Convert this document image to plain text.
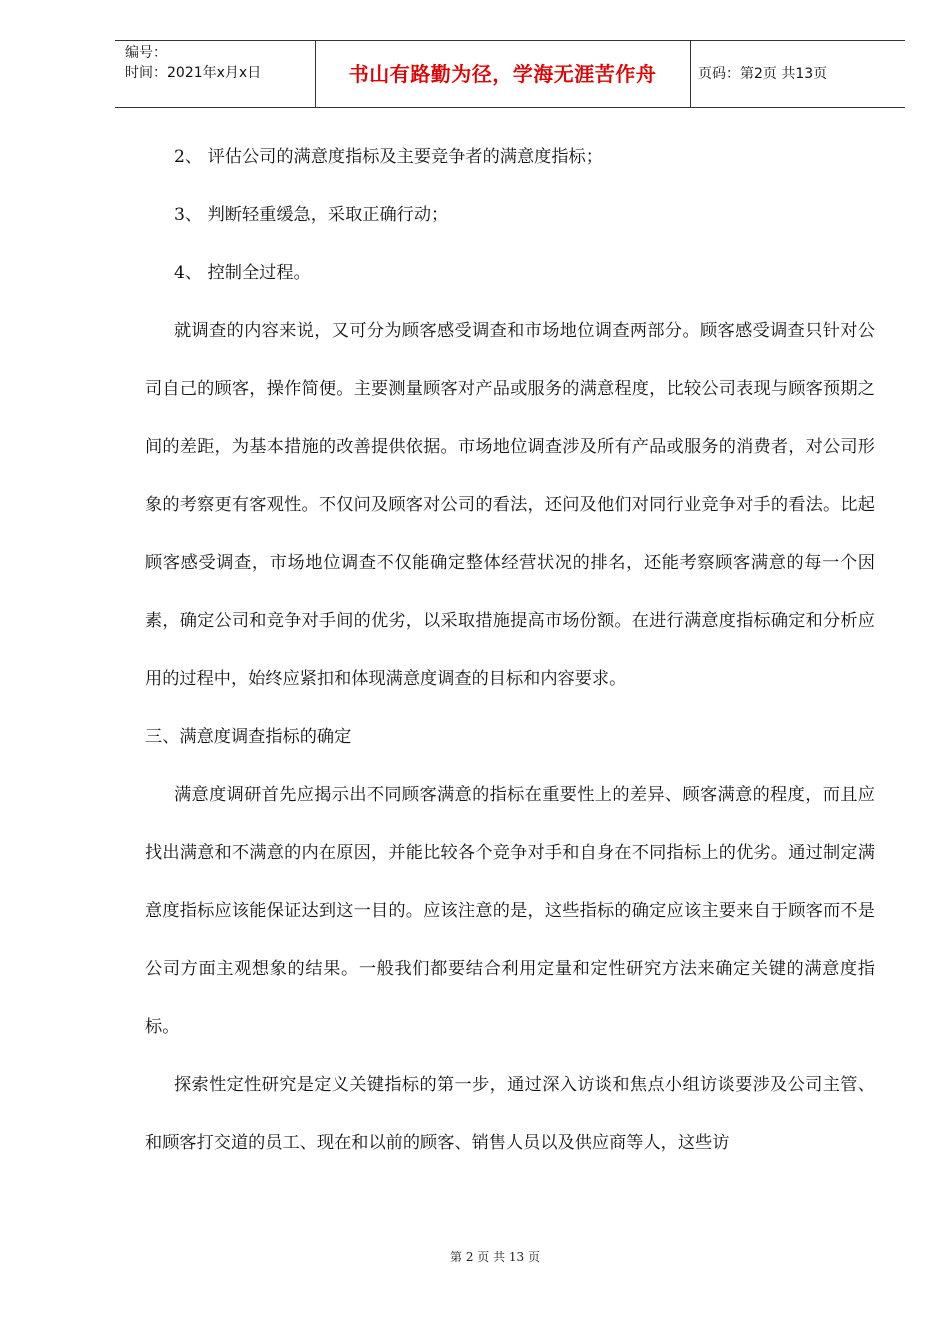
编号：
时间：2021年x月x日	书山有路勤为径，学海无涯苦作舟	页码：第2页 共13页

2、 评估公司的满意度指标及主要竞争者的满意度指标；

3、 判断轻重缓急，采取正确行动；

4、 控制全过程。

就调查的内容来说，又可分为顾客感受调查和市场地位调查两部分。顾客感受调查只针对公司自己的顾客，操作简便。主要测量顾客对产品或服务的满意程度，比较公司表现与顾客预期之间的差距，为基本措施的改善提供依据。市场地位调查涉及所有产品或服务的消费者，对公司形象的考察更有客观性。不仅问及顾客对公司的看法，还问及他们对同行业竞争对手的看法。比起顾客感受调查，市场地位调查不仅能确定整体经营状况的排名，还能考察顾客满意的每一个因素，确定公司和竞争对手间的优劣，以采取措施提高市场份额。在进行满意度指标确定和分析应用的过程中，始终应紧扣和体现满意度调查的目标和内容要求。

三、满意度调查指标的确定

满意度调研首先应揭示出不同顾客满意的指标在重要性上的差异、顾客满意的程度，而且应找出满意和不满意的内在原因，并能比较各个竞争对手和自身在不同指标上的优劣。通过制定满意度指标应该能保证达到这一目的。应该注意的是，这些指标的确定应该主要来自于顾客而不是公司方面主观想象的结果。一般我们都要结合利用定量和定性研究方法来确定关键的满意度指标。

探索性定性研究是定义关键指标的第一步，通过深入访谈和焦点小组访谈要涉及公司主管、和顾客打交道的员工、现在和以前的顾客、销售人员以及供应商等人，这些访

第 2 页 共 13 页
